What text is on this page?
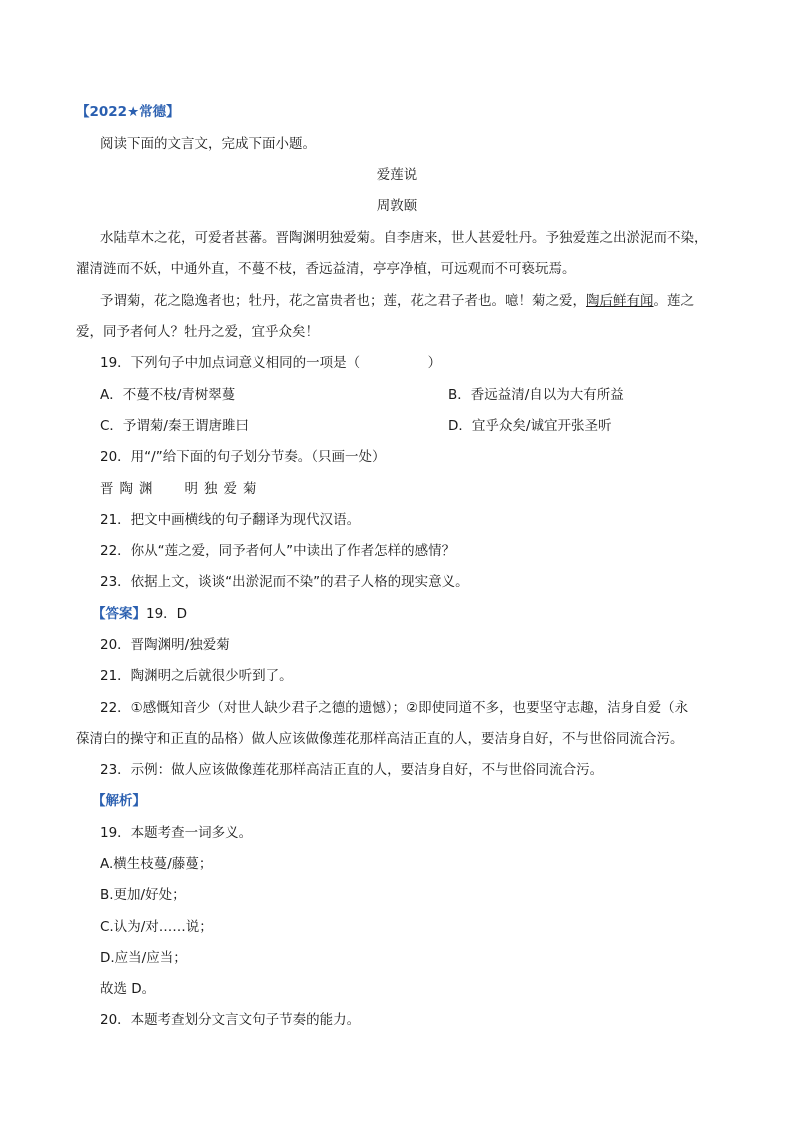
【2022★常德】
阅读下面的文言文，完成下面小题。
爱莲说
周敦颐
水陆草木之花，可爱者甚蕃。晋陶渊明独爱菊。自李唐来，世人甚爱牡丹。予独爱莲之出淤泥而不染，
濯清涟而不妖，中通外直，不蔓不枝，香远益清，亭亭净植，可远观而不可亵玩焉。
予谓菊，花之隐逸者也；牡丹，花之富贵者也；莲，花之君子者也。噫！菊之爱，陶后鲜有闻。莲之
爱，同予者何人？牡丹之爱，宜乎众矣！
19．下列句子中加点词意义相同的一项是（　　　　　）
A．不蔓不枝/青树翠蔓	B．香远益清/自以为大有所益
C．予谓菊/秦王谓唐雎曰	D．宜乎众矣/诚宜开张圣听
20．用“/”给下面的句子划分节奏。（只画一处）
晋陶渊 明独爱菊
21．把文中画横线的句子翻译为现代汉语。
22．你从“莲之爱，同予者何人”中读出了作者怎样的感情？
23．依据上文，谈谈“出淤泥而不染”的君子人格的现实意义。
【答案】19．D
20．晋陶渊明/独爱菊
21．陶渊明之后就很少听到了。
22．①感慨知音少（对世人缺少君子之德的遗憾）；②即使同道不多，也要坚守志趣，洁身自爱（永
葆清白的操守和正直的品格）做人应该做像莲花那样高洁正直的人，要洁身自好，不与世俗同流合污。
23．示例：做人应该做像莲花那样高洁正直的人，要洁身自好，不与世俗同流合污。
【解析】
19．本题考查一词多义。
A.横生枝蔓/藤蔓；
B.更加/好处；
C.认为/对……说；
D.应当/应当；
故选 D。
20．本题考查划分文言文句子节奏的能力。
